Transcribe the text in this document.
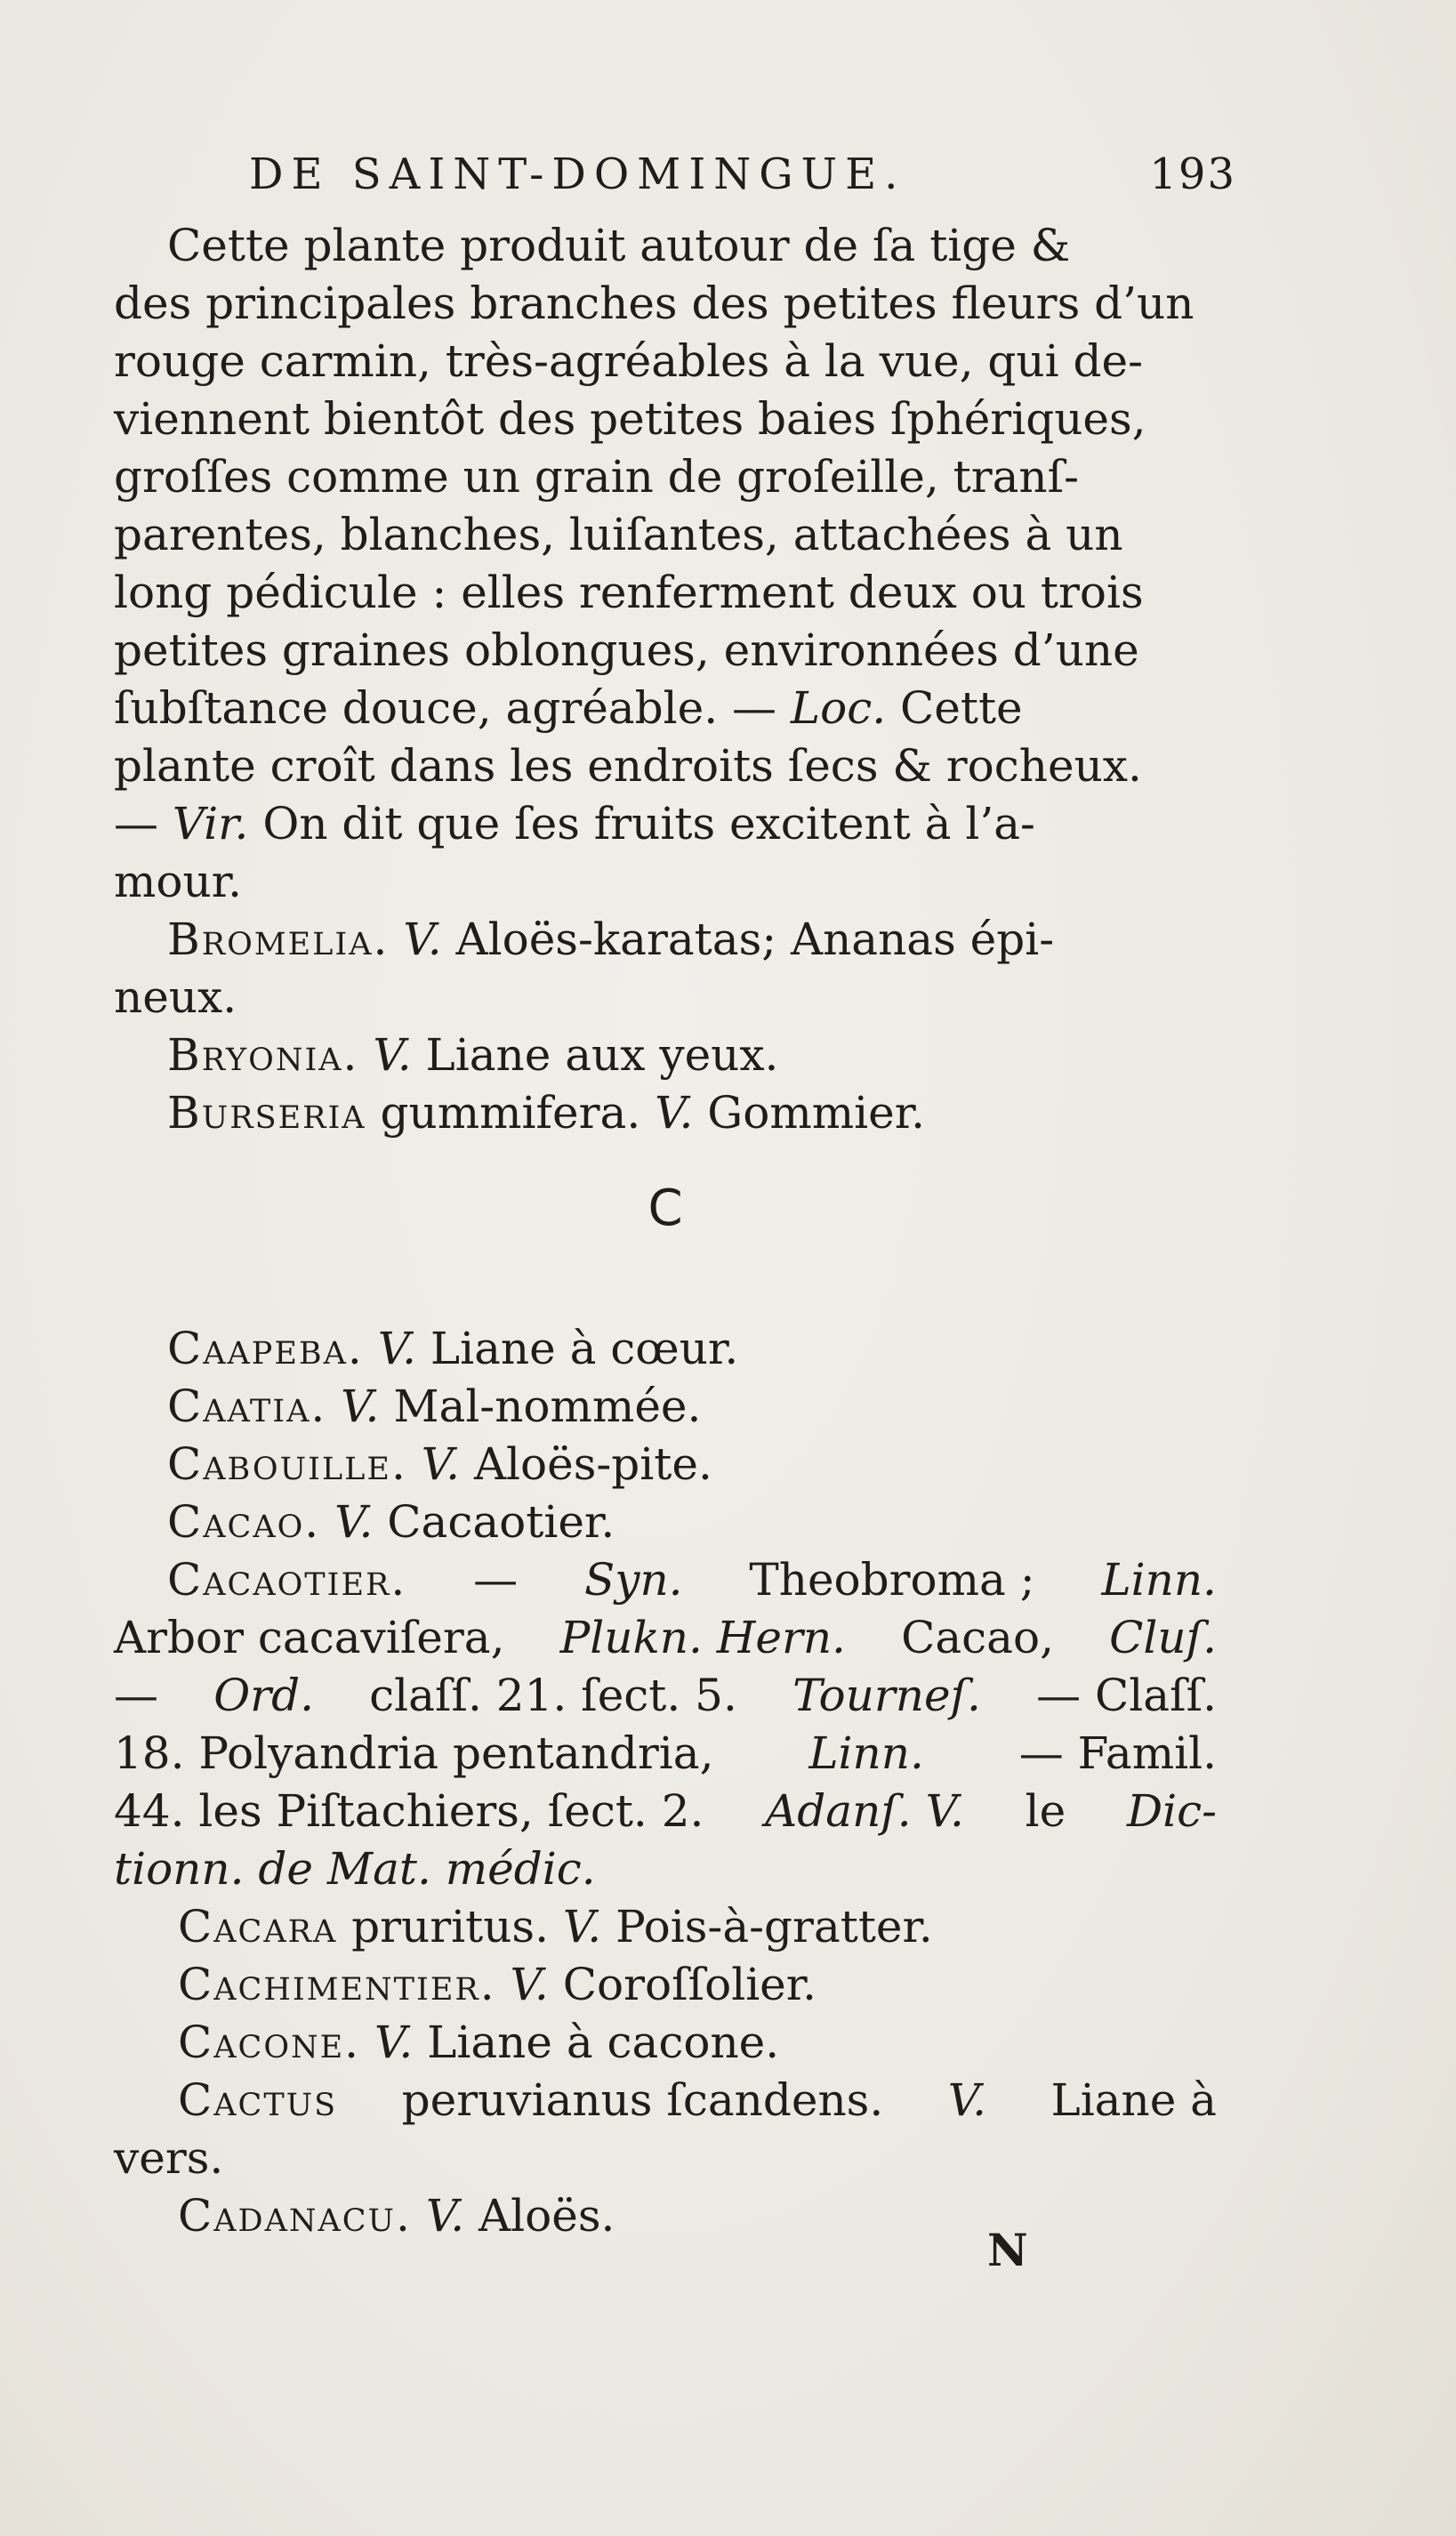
DE SAINT-DOMINGUE.	193
Cette plante produit autour de ſa tige &
des principales branches des petites fleurs d’un
rouge carmin, très-agréables à la vue, qui de-
viennent bientôt des petites baies ſphériques,
groſſes comme un grain de groſeille, tranſ-
parentes, blanches, luiſantes, attachées à un
long pédicule : elles renferment deux ou trois
petites graines oblongues, environnées d’une
ſubſtance douce, agréable. — Loc. Cette
plante croît dans les endroits ſecs & rocheux.
— Vir. On dit que ſes fruits excitent à l’a-
mour.
Bromelia. V. Aloës-karatas; Ananas épi-
neux.
Bryonia. V. Liane aux yeux.
Burseria gummifera. V. Gommier.
C
Caapeba. V. Liane à cœur.
Caatia. V. Mal-nommée.
Cabouille. V. Aloës-pite.
Cacao. V. Cacaotier.
Cacaotier. — Syn. Theobroma ; Linn.
Arbor cacaviſera, Plukn. Hern. Cacao, Cluſ.
— Ord. claſſ. 21. ſect. 5. Tourneſ. — Claſſ.
18. Polyandria pentandria, Linn. — Famil.
44. les Piſtachiers, ſect. 2. Adanſ. V. le Dic-
tionn. de Mat. médic.
Cacara pruritus. V. Pois-à-gratter.
Cachimentier. V. Coroſſolier.
Cacone. V. Liane à cacone.
Cactus peruvianus ſcandens. V. Liane à
vers.
Cadanacu. V. Aloës.
N
